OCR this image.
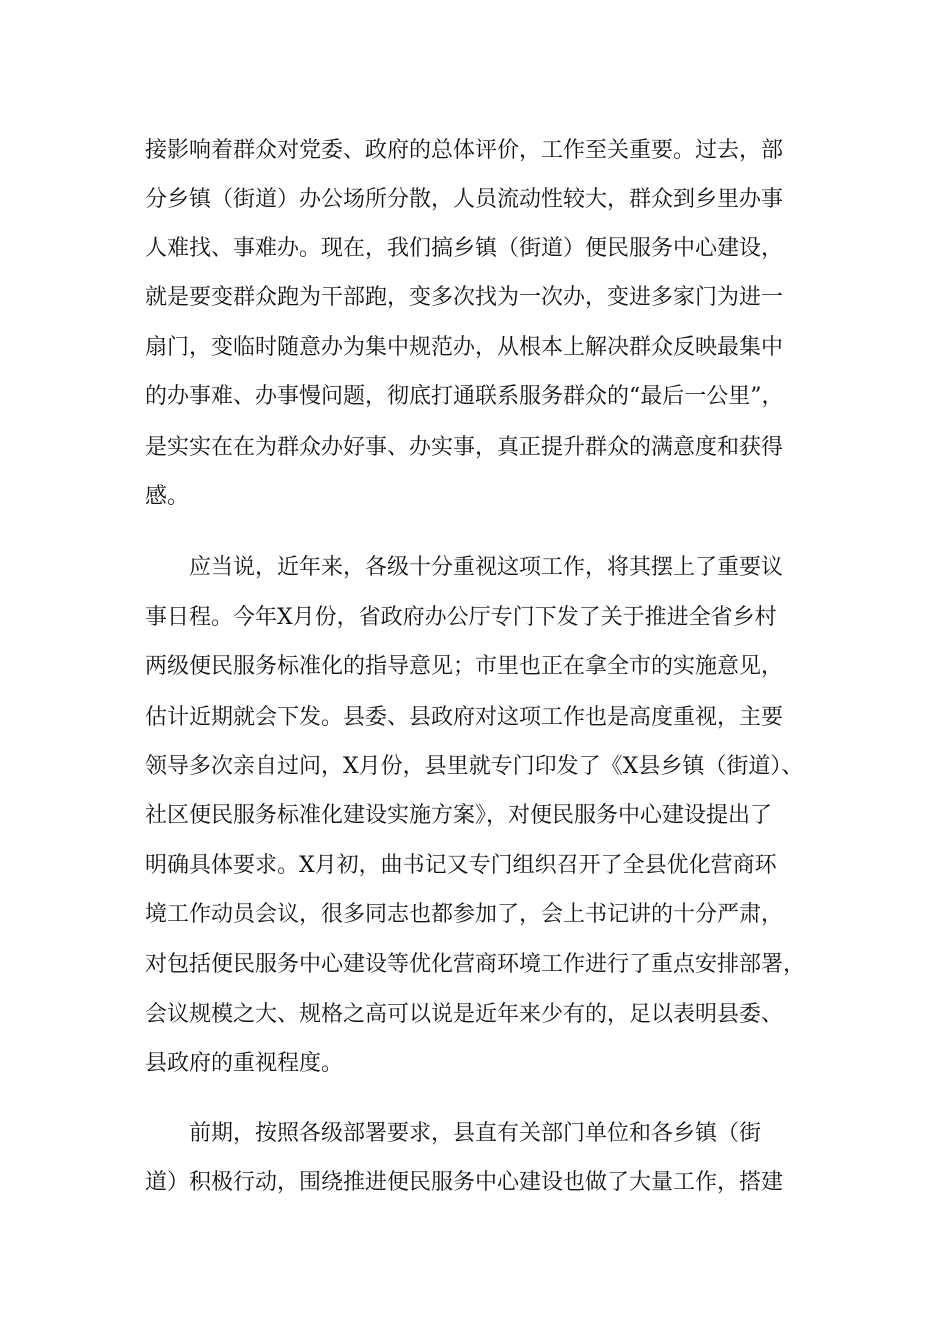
接影响着群众对党委、政府的总体评价，工作至关重要。过去，部
分乡镇（街道）办公场所分散，人员流动性较大，群众到乡里办事
人难找、事难办。现在，我们搞乡镇（街道）便民服务中心建设，
就是要变群众跑为干部跑，变多次找为一次办，变进多家门为进一
扇门，变临时随意办为集中规范办，从根本上解决群众反映最集中
的办事难、办事慢问题，彻底打通联系服务群众的“最后一公里”，
是实实在在为群众办好事、办实事，真正提升群众的满意度和获得
感。
应当说，近年来，各级十分重视这项工作，将其摆上了重要议
事日程。今年X月份，省政府办公厅专门下发了关于推进全省乡村
两级便民服务标准化的指导意见；市里也正在拿全市的实施意见，
估计近期就会下发。县委、县政府对这项工作也是高度重视，主要
领导多次亲自过问，X月份，县里就专门印发了《X县乡镇（街道）、
社区便民服务标准化建设实施方案》，对便民服务中心建设提出了
明确具体要求。X月初，曲书记又专门组织召开了全县优化营商环
境工作动员会议，很多同志也都参加了，会上书记讲的十分严肃，
对包括便民服务中心建设等优化营商环境工作进行了重点安排部署，
会议规模之大、规格之高可以说是近年来少有的，足以表明县委、
县政府的重视程度。
前期，按照各级部署要求，县直有关部门单位和各乡镇（街
道）积极行动，围绕推进便民服务中心建设也做了大量工作，搭建
